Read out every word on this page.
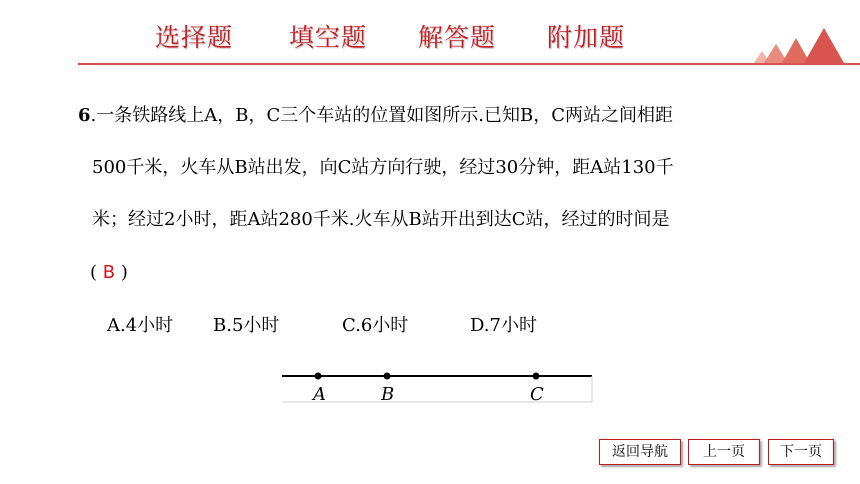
选择题 填空题 解答题 附加题
6.一条铁路线上A，B，C三个车站的位置如图所示.已知B，C两站之间相距
500千米，火车从B站出发，向C站方向行驶，经过30分钟，距A站130千
米；经过2小时，距A站280千米.火车从B站开出到达C站，经过的时间是
( B )
A.4小时 B.5小时	C.6小时	D.7小时
A	B	C
返回导航	上一页	下一页
